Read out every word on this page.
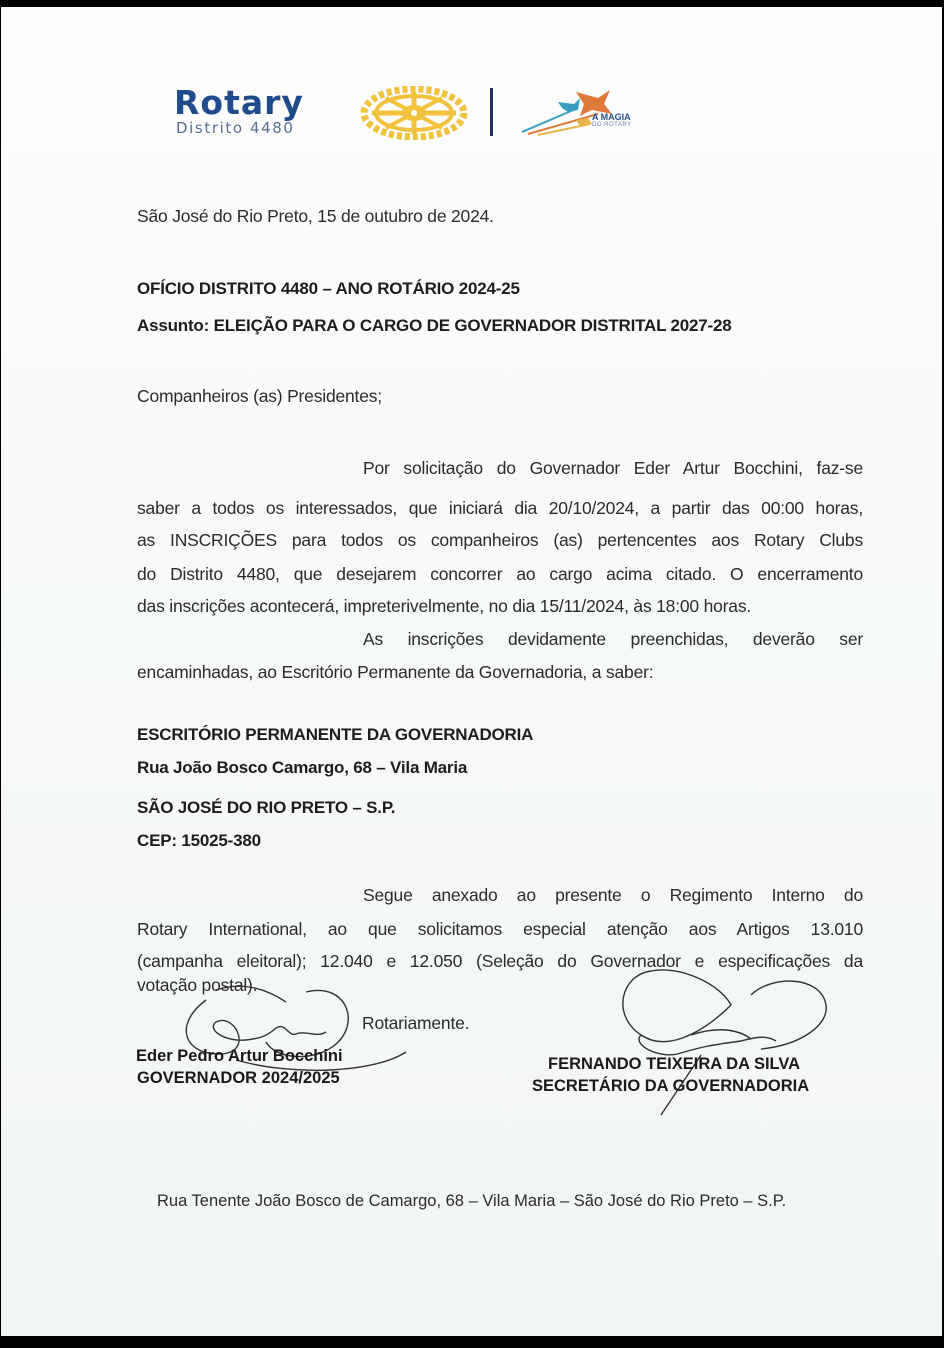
Rotary
Distrito 4480
A MAGIA
DO ROTARY
São José do Rio Preto, 15 de outubro de 2024.
OFÍCIO DISTRITO 4480 – ANO ROTÁRIO 2024-25
Assunto: ELEIÇÃO PARA O CARGO DE GOVERNADOR DISTRITAL 2027-28
Companheiros (as) Presidentes;
Por solicitação do Governador Eder Artur Bocchini, faz-se
saber a todos os interessados, que iniciará dia 20/10/2024, a partir das 00:00 horas,
as INSCRIÇÕES para todos os companheiros (as) pertencentes aos Rotary Clubs
do Distrito 4480, que desejarem concorrer ao cargo acima citado. O encerramento
das inscrições acontecerá, impreterivelmente, no dia 15/11/2024, às 18:00 horas.
As inscrições devidamente preenchidas, deverão ser
encaminhadas, ao Escritório Permanente da Governadoria, a saber:
ESCRITÓRIO PERMANENTE DA GOVERNADORIA
Rua João Bosco Camargo, 68 – Vila Maria
SÃO JOSÉ DO RIO PRETO – S.P.
CEP: 15025-380
Segue anexado ao presente o Regimento Interno do
Rotary International, ao que solicitamos especial atenção aos Artigos 13.010
(campanha eleitoral); 12.040 e 12.050 (Seleção do Governador e especificações da
votação postal).
Rotariamente.
Eder Pedro Artur Bocchini
GOVERNADOR 2024/2025
FERNANDO TEIXEIRA DA SILVA
SECRETÁRIO DA GOVERNADORIA
Rua Tenente João Bosco de Camargo, 68 – Vila Maria – São José do Rio Preto – S.P.
